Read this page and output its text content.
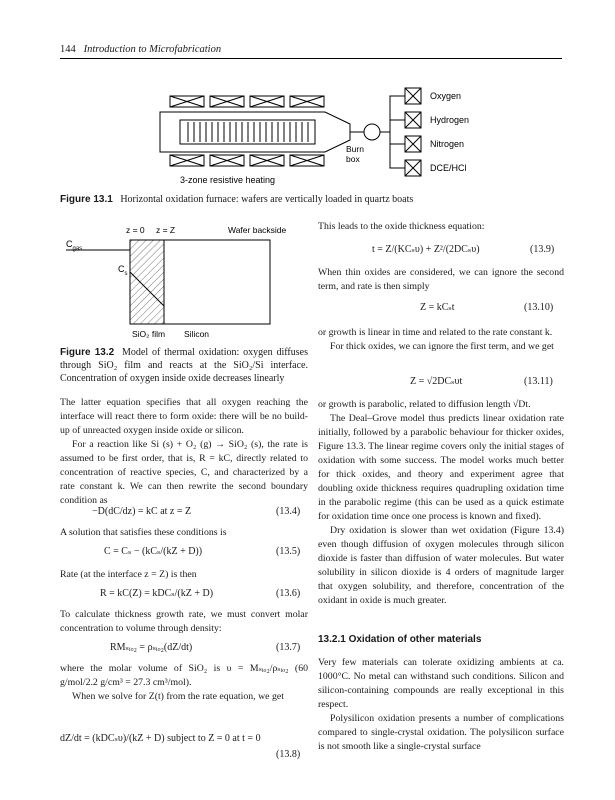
144 Introduction to Microfabrication
Oxygen
Hydrogen
Nitrogen
DCE/HCl
Burn
box
3-zone resistive heating
Figure 13.1 Horizontal oxidation furnace: wafers are vertically loaded in quartz boats
z = 0 z = Z	Wafer backside
$C_{gas}$
$C_s$
SiO₂ film Silicon
Figure 13.2 Model of thermal oxidation: oxygen diffuses through SiO₂ film and reacts at the SiO₂/Si interface. Concentration of oxygen inside oxide decreases linearly

The latter equation specifies that all oxygen reaching the interface will react there to form oxide: there will be no build-up of unreacted oxygen inside oxide or silicon.

For a reaction like Si (s) + O₂ (g) → SiO₂ (s), the rate is assumed to be first order, that is, R = kC, directly related to concentration of reactive species, C, and characterized by a rate constant k. We can then rewrite the second boundary condition as

−D(dC/dz) = kC at z = Z	(13.4)

A solution that satisfies these conditions is

C = Cₛ − (kCₛ/(kZ + D))	(13.5)

Rate (at the interface z = Z) is then

R = kC(Z) = kDCₛ/(kZ + D)	(13.6)

To calculate thickness growth rate, we must convert molar concentration to volume through density:

RMₛᵢₒ₂ = ρₛᵢₒ₂(dZ/dt)	(13.7)

where the molar volume of SiO₂ is υ = Mₛᵢₒ₂/ρₛᵢₒ₂ (60 g/mol/2.2 g/cm³ = 27.3 cm³/mol).

When we solve for Z(t) from the rate equation, we get

dZ/dt = (kDCₛυ)/(kZ + D) subject to Z = 0 at t = 0
(13.8)

This leads to the oxide thickness equation:

t = Z/(KCₛυ) + Z²/(2DCₛυ)	(13.9)

When thin oxides are considered, we can ignore the second term, and rate is then simply

Z = kCₛt	(13.10)

or growth is linear in time and related to the rate constant k.

For thick oxides, we can ignore the first term, and we get

Z = √2DCₛυt	(13.11)

or growth is parabolic, related to diffusion length √Dt.

The Deal–Grove model thus predicts linear oxidation rate initially, followed by a parabolic behaviour for thicker oxides, Figure 13.3. The linear regime covers only the initial stages of oxidation with some success. The model works much better for thick oxides, and theory and experiment agree that doubling oxide thickness requires quadrupling oxidation time in the parabolic regime (this can be used as a quick estimate for oxidation time once one process is known and fixed).

Dry oxidation is slower than wet oxidation (Figure 13.4) even though diffusion of oxygen molecules through silicon dioxide is faster than diffusion of water molecules. But water solubility in silicon dioxide is 4 orders of magnitude larger that oxygen solubility, and therefore, concentration of the oxidant in oxide is much greater.

13.2.1 Oxidation of other materials

Very few materials can tolerate oxidizing ambients at ca. 1000°C. No metal can withstand such conditions. Silicon and silicon-containing compounds are really exceptional in this respect.

Polysilicon oxidation presents a number of complications compared to single-crystal oxidation. The polysilicon surface is not smooth like a single-crystal surface
